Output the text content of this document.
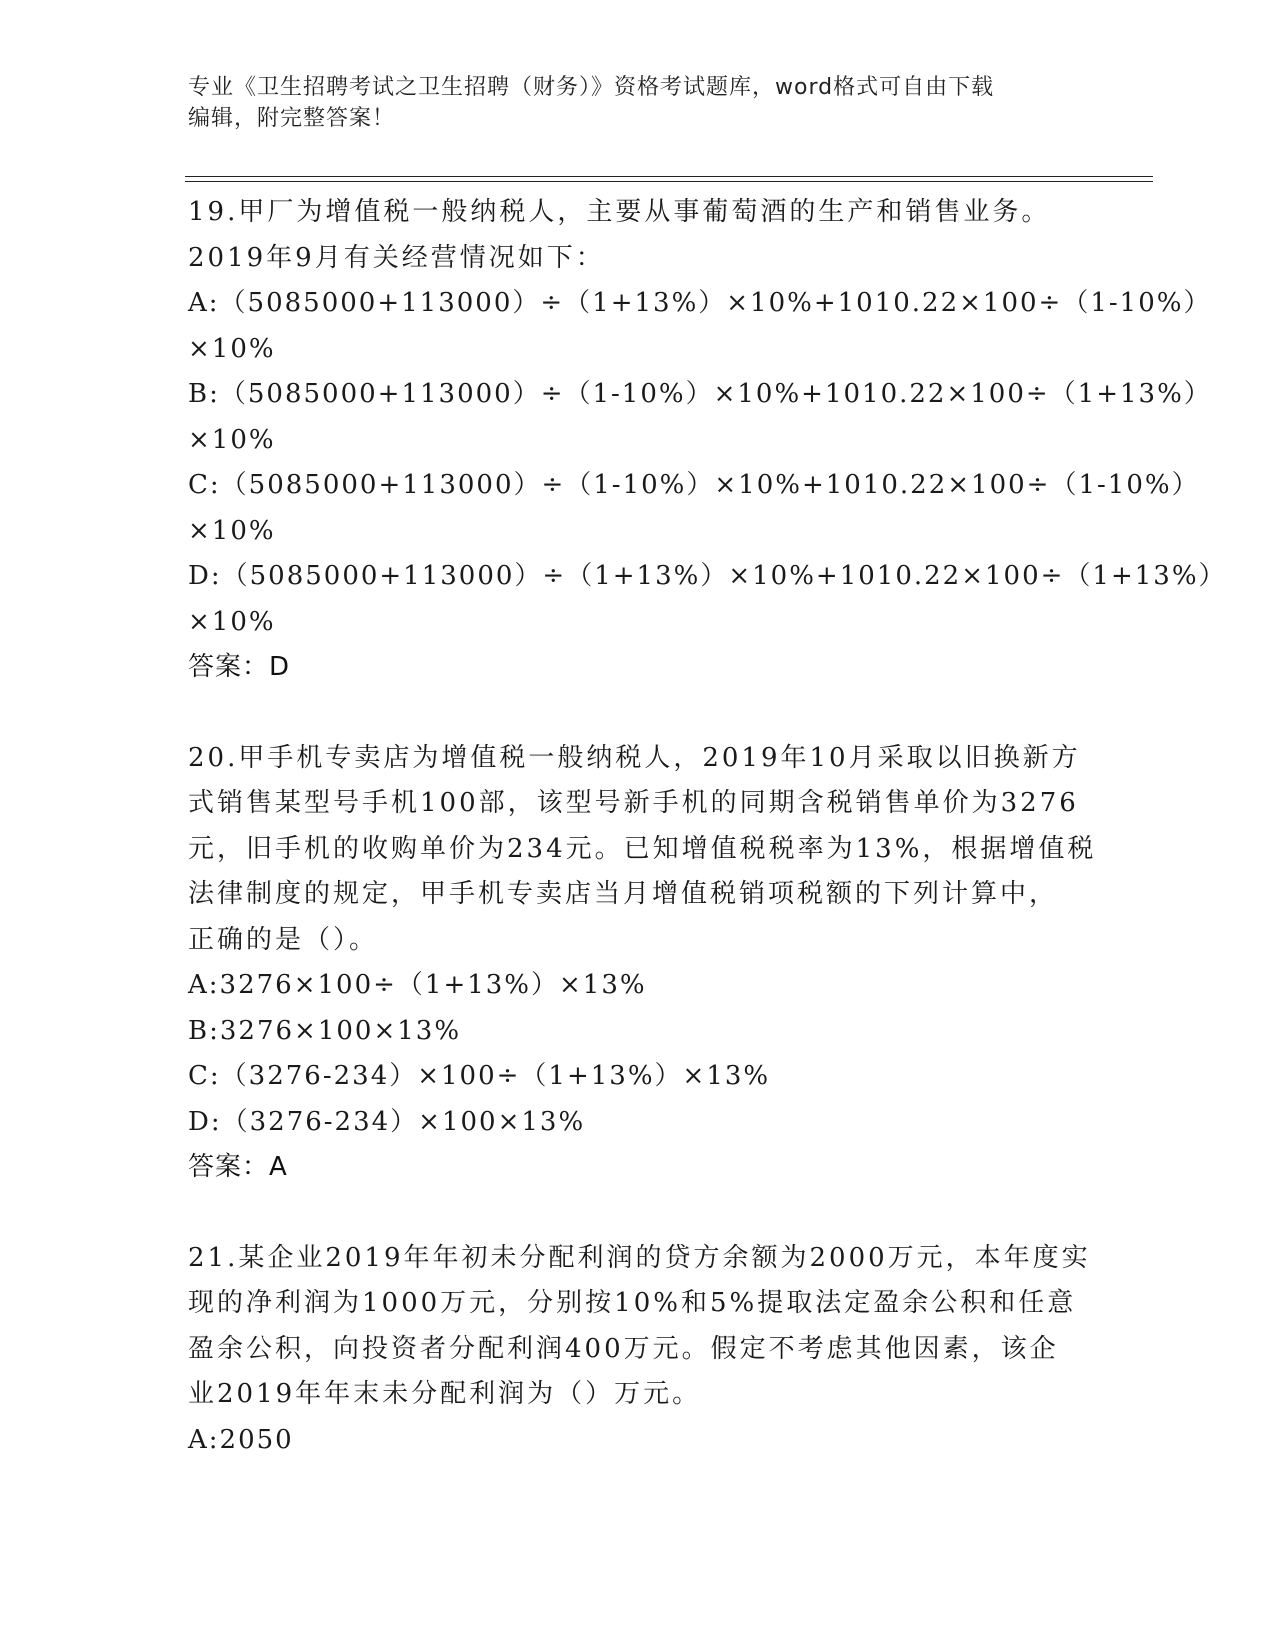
专业《卫生招聘考试之卫生招聘（财务）》资格考试题库，word格式可自由下载
编辑，附完整答案！
19.甲厂为增值税一般纳税人，主要从事葡萄酒的生产和销售业务。
2019年9月有关经营情况如下：
A:（5085000+113000）÷（1+13%）×10%+1010.22×100÷（1-10%）
×10%
B:（5085000+113000）÷（1-10%）×10%+1010.22×100÷（1+13%）
×10%
C:（5085000+113000）÷（1-10%）×10%+1010.22×100÷（1-10%）
×10%
D:（5085000+113000）÷（1+13%）×10%+1010.22×100÷（1+13%）
×10%
答案：D
20.甲手机专卖店为增值税一般纳税人，2019年10月采取以旧换新方
式销售某型号手机100部，该型号新手机的同期含税销售单价为3276
元，旧手机的收购单价为234元。已知增值税税率为13%，根据增值税
法律制度的规定，甲手机专卖店当月增值税销项税额的下列计算中，
正确的是（）。
A:3276×100÷（1+13%）×13%
B:3276×100×13%
C:（3276-234）×100÷（1+13%）×13%
D:（3276-234）×100×13%
答案：A
21.某企业2019年年初未分配利润的贷方余额为2000万元，本年度实
现的净利润为1000万元，分别按10%和5%提取法定盈余公积和任意
盈余公积，向投资者分配利润400万元。假定不考虑其他因素，该企
业2019年年末未分配利润为（）万元。
A:2050
